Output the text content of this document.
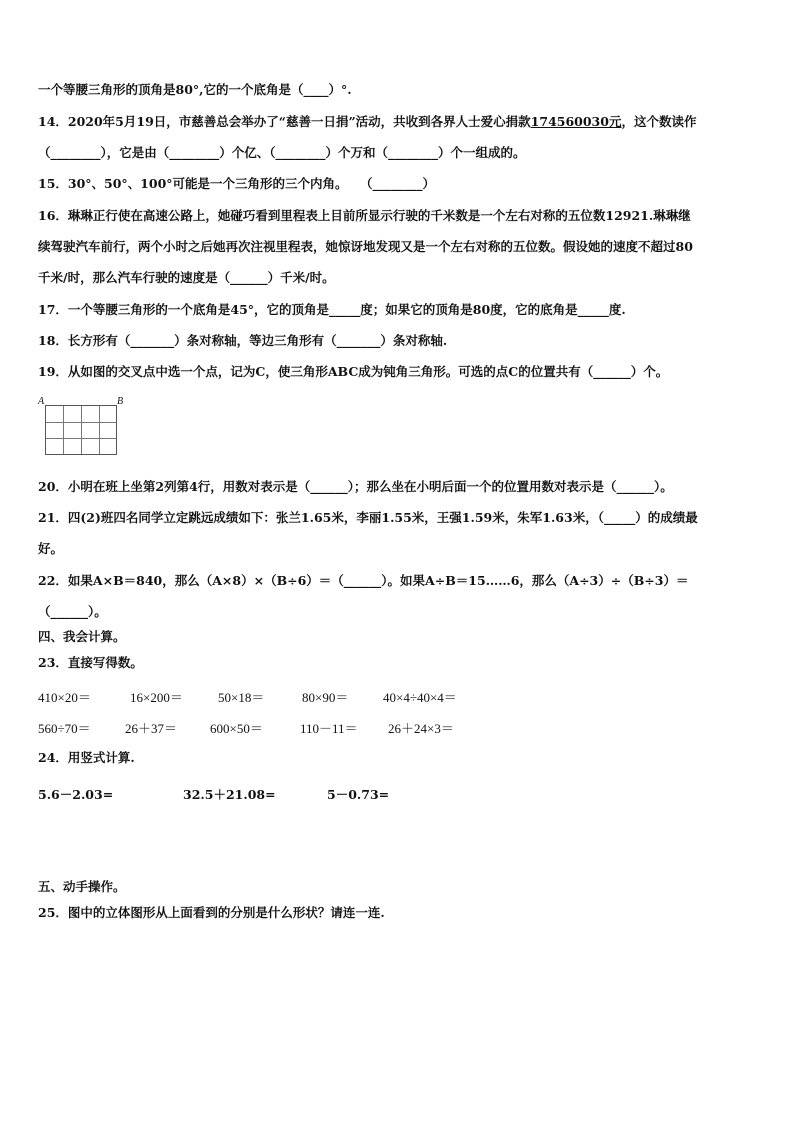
一个等腰三角形的顶角是80°,它的一个底角是（____）°.
14．2020年5月19日，市慈善总会举办了“慈善一日捐”活动，共收到各界人士爱心捐款174560030元，这个数读作
（________），它是由（________）个亿、（________）个万和（________）个一组成的。
15．30°、50°、100°可能是一个三角形的三个内角。　　（________）
16．琳琳正行使在高速公路上，她碰巧看到里程表上目前所显示行驶的千米数是一个左右对称的五位数12921.琳琳继
续驾驶汽车前行，两个小时之后她再次注视里程表，她惊讶地发现又是一个左右对称的五位数。假设她的速度不超过80
千米/时，那么汽车行驶的速度是（______）千米/时。
17．一个等腰三角形的一个底角是45°，它的顶角是_____度；如果它的顶角是80度，它的底角是_____度.
18．长方形有（_______）条对称轴，等边三角形有（_______）条对称轴.
19．从如图的交叉点中选一个点，记为C，使三角形ABC成为钝角三角形。可选的点C的位置共有（______）个。
A	B
20．小明在班上坐第2列第4行，用数对表示是（______）；那么坐在小明后面一个的位置用数对表示是（______）。
21．四(2)班四名同学立定跳远成绩如下：张兰1.65米，李丽1.55米，王强1.59米，朱军1.63米，（_____）的成绩最
好。
22．如果A×B＝840，那么（A×8）×（B÷6）＝（______）。如果A÷B＝15……6，那么（A÷3）÷（B÷3）＝
（______）。
四、我会计算。
23．直接写得数。
410×20＝	16×200＝	50×18＝	80×90＝	40×4÷40×4＝
560÷70＝	26＋37＝	600×50＝	110－11＝ 26＋24×3＝
24．用竖式计算.
5.6－2.03=	32.5＋21.08=	5－0.73=
五、动手操作。
25．图中的立体图形从上面看到的分别是什么形状？请连一连.
